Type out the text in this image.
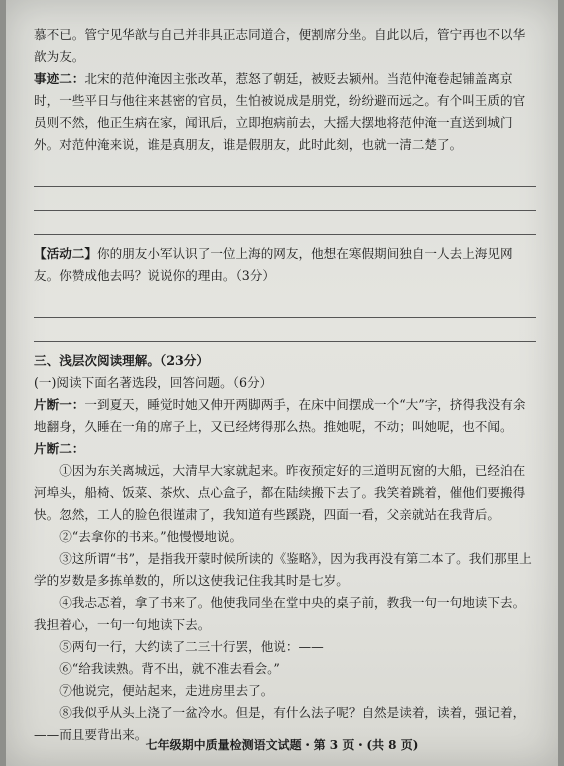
慕不已。管宁见华歆与自己并非具正志同道合，便割席分坐。自此以后，管宁再也不以华歆为友。

事迹二：北宋的范仲淹因主张改革，惹怒了朝廷，被贬去颍州。当范仲淹卷起铺盖离京时，一些平日与他往来甚密的官员，生怕被说成是朋党，纷纷避而远之。有个叫王质的官员则不然，他正生病在家，闻讯后，立即抱病前去，大摇大摆地将范仲淹一直送到城门外。对范仲淹来说，谁是真朋友，谁是假朋友，此时此刻，也就一清二楚了。

【活动二】你的朋友小军认识了一位上海的网友，他想在寒假期间独自一人去上海见网友。你赞成他去吗？说说你的理由。（3分）

三、浅层次阅读理解。（23分）

(一)阅读下面名著选段，回答问题。（6分）

片断一：一到夏天，睡觉时她又伸开两脚两手，在床中间摆成一个“大”字，挤得我没有余地翻身，久睡在一角的席子上，又已经烤得那么热。推她呢，不动；叫她呢，也不闻。

片断二：

①因为东关离城远，大清早大家就起来。昨夜预定好的三道明瓦窗的大船，已经泊在河埠头，船椅、饭菜、茶炊、点心盒子，都在陆续搬下去了。我笑着跳着，催他们要搬得快。忽然，工人的脸色很谨肃了，我知道有些蹊跷，四面一看，父亲就站在我背后。

②“去拿你的书来。”他慢慢地说。

③这所谓“书”，是指我开蒙时候所读的《鉴略》，因为我再没有第二本了。我们那里上学的岁数是多拣单数的，所以这使我记住我其时是七岁。

④我忐忑着，拿了书来了。他使我同坐在堂中央的桌子前，教我一句一句地读下去。我担着心，一句一句地读下去。

⑤两句一行，大约读了二三十行罢，他说：——

⑥“给我读熟。背不出，就不准去看会。”

⑦他说完，便站起来，走进房里去了。

⑧我似乎从头上浇了一盆冷水。但是，有什么法子呢？自然是读着，读着，强记着，——而且要背出来。

七年级期中质量检测语文试题・第 3 页・(共 8 页)
